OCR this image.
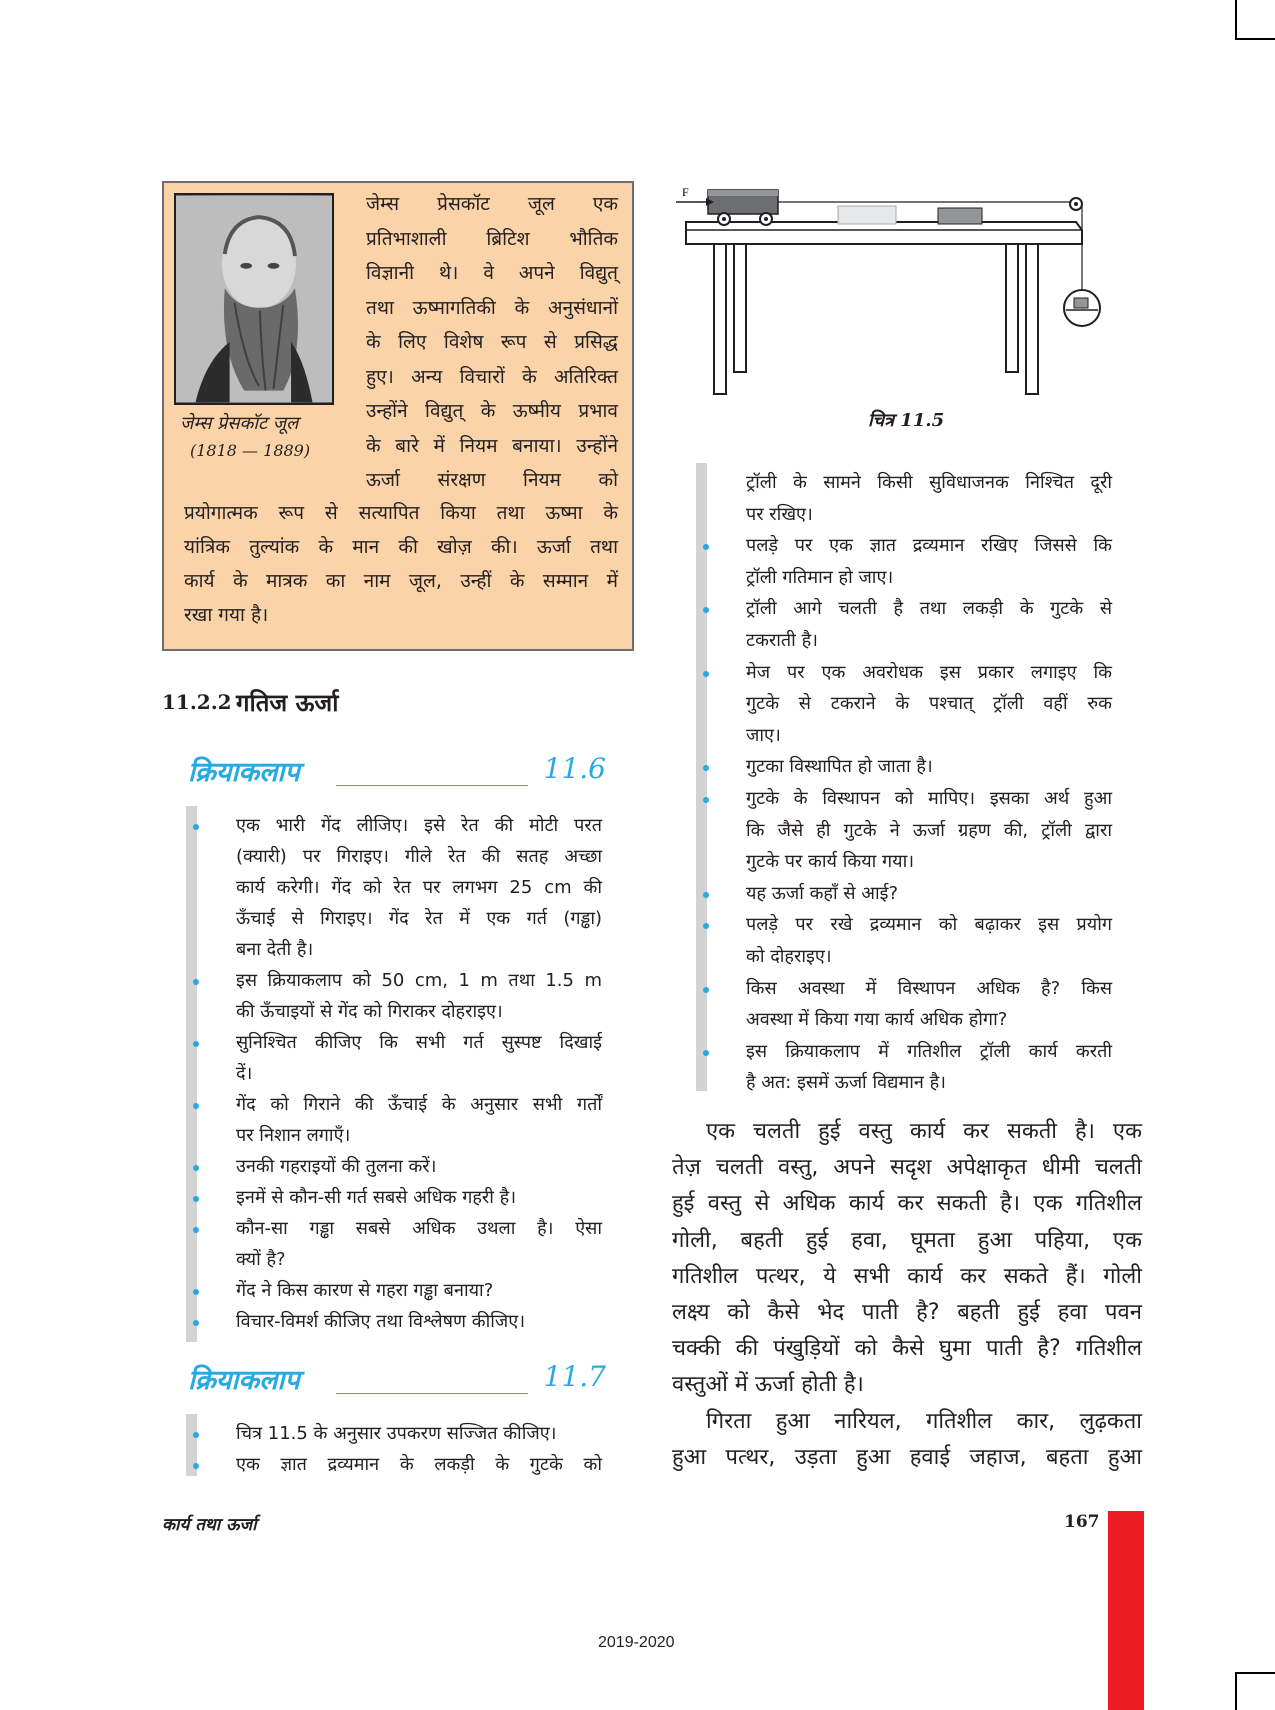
जेम्स प्रेसकॉट जूल
(1818 — 1889)
जेम्स प्रेसकॉट जूल एक
प्रतिभाशाली ब्रिटिश भौतिक
विज्ञानी थे। वे अपने विद्युत्
तथा ऊष्मागतिकी के अनुसंधानों
के लिए विशेष रूप से प्रसिद्ध
हुए। अन्य विचारों के अतिरिक्त
उन्होंने विद्युत् के ऊष्मीय प्रभाव
के बारे में नियम बनाया। उन्होंने
ऊर्जा संरक्षण नियम को
प्रयोगात्मक रूप से सत्यापित किया तथा ऊष्मा के
यांत्रिक तुल्यांक के मान की खोज़ की। ऊर्जा तथा
कार्य के मात्रक का नाम जूल, उन्हीं के सम्मान में
रखा गया है।
11.2.2 गतिज ऊर्जा
क्रियाकलाप	11.6
एक भारी गेंद लीजिए। इसे रेत की मोटी परत
(क्यारी) पर गिराइए। गीले रेत की सतह अच्छा
कार्य करेगी। गेंद को रेत पर लगभग 25 cm की
ऊँचाई से गिराइए। गेंद रेत में एक गर्त (गड्ढा)
बना देती है।
इस क्रियाकलाप को 50 cm, 1 m तथा 1.5 m
की ऊँचाइयों से गेंद को गिराकर दोहराइए।
सुनिश्चित कीजिए कि सभी गर्त सुस्पष्ट दिखाई
दें।
गेंद को गिराने की ऊँचाई के अनुसार सभी गर्तों
पर निशान लगाएँ।
उनकी गहराइयों की तुलना करें।
इनमें से कौन-सी गर्त सबसे अधिक गहरी है।
कौन-सा गड्ढा सबसे अधिक उथला है। ऐसा
क्यों है?
गेंद ने किस कारण से गहरा गड्ढा बनाया?
विचार-विमर्श कीजिए तथा विश्लेषण कीजिए।
क्रियाकलाप	11.7
चित्र 11.5 के अनुसार उपकरण सज्जित कीजिए।
एक ज्ञात द्रव्यमान के लकड़ी के गुटके को
F
चित्र 11.5
ट्रॉली के सामने किसी सुविधाजनक निश्चित दूरी
पर रखिए।
पलड़े पर एक ज्ञात द्रव्यमान रखिए जिससे कि
ट्रॉली गतिमान हो जाए।
ट्रॉली आगे चलती है तथा लकड़ी के गुटके से
टकराती है।
मेज पर एक अवरोधक इस प्रकार लगाइए कि
गुटके से टकराने के पश्चात् ट्रॉली वहीं रुक
जाए।
गुटका विस्थापित हो जाता है।
गुटके के विस्थापन को मापिए। इसका अर्थ हुआ
कि जैसे ही गुटके ने ऊर्जा ग्रहण की, ट्रॉली द्वारा
गुटके पर कार्य किया गया।
यह ऊर्जा कहाँ से आई?
पलड़े पर रखे द्रव्यमान को बढ़ाकर इस प्रयोग
को दोहराइए।
किस अवस्था में विस्थापन अधिक है? किस
अवस्था में किया गया कार्य अधिक होगा?
इस क्रियाकलाप में गतिशील ट्रॉली कार्य करती
है अत: इसमें ऊर्जा विद्यमान है।
एक चलती हुई वस्तु कार्य कर सकती है। एक
तेज़ चलती वस्तु, अपने सदृश अपेक्षाकृत धीमी चलती
हुई वस्तु से अधिक कार्य कर सकती है। एक गतिशील
गोली, बहती हुई हवा, घूमता हुआ पहिया, एक
गतिशील पत्थर, ये सभी कार्य कर सकते हैं। गोली
लक्ष्य को कैसे भेद पाती है? बहती हुई हवा पवन
चक्की की पंखुड़ियों को कैसे घुमा पाती है? गतिशील
वस्तुओं में ऊर्जा होती है।
गिरता हुआ नारियल, गतिशील कार, लुढ़कता
हुआ पत्थर, उड़ता हुआ हवाई जहाज, बहता हुआ
कार्य तथा ऊर्जा	167
2019-2020
